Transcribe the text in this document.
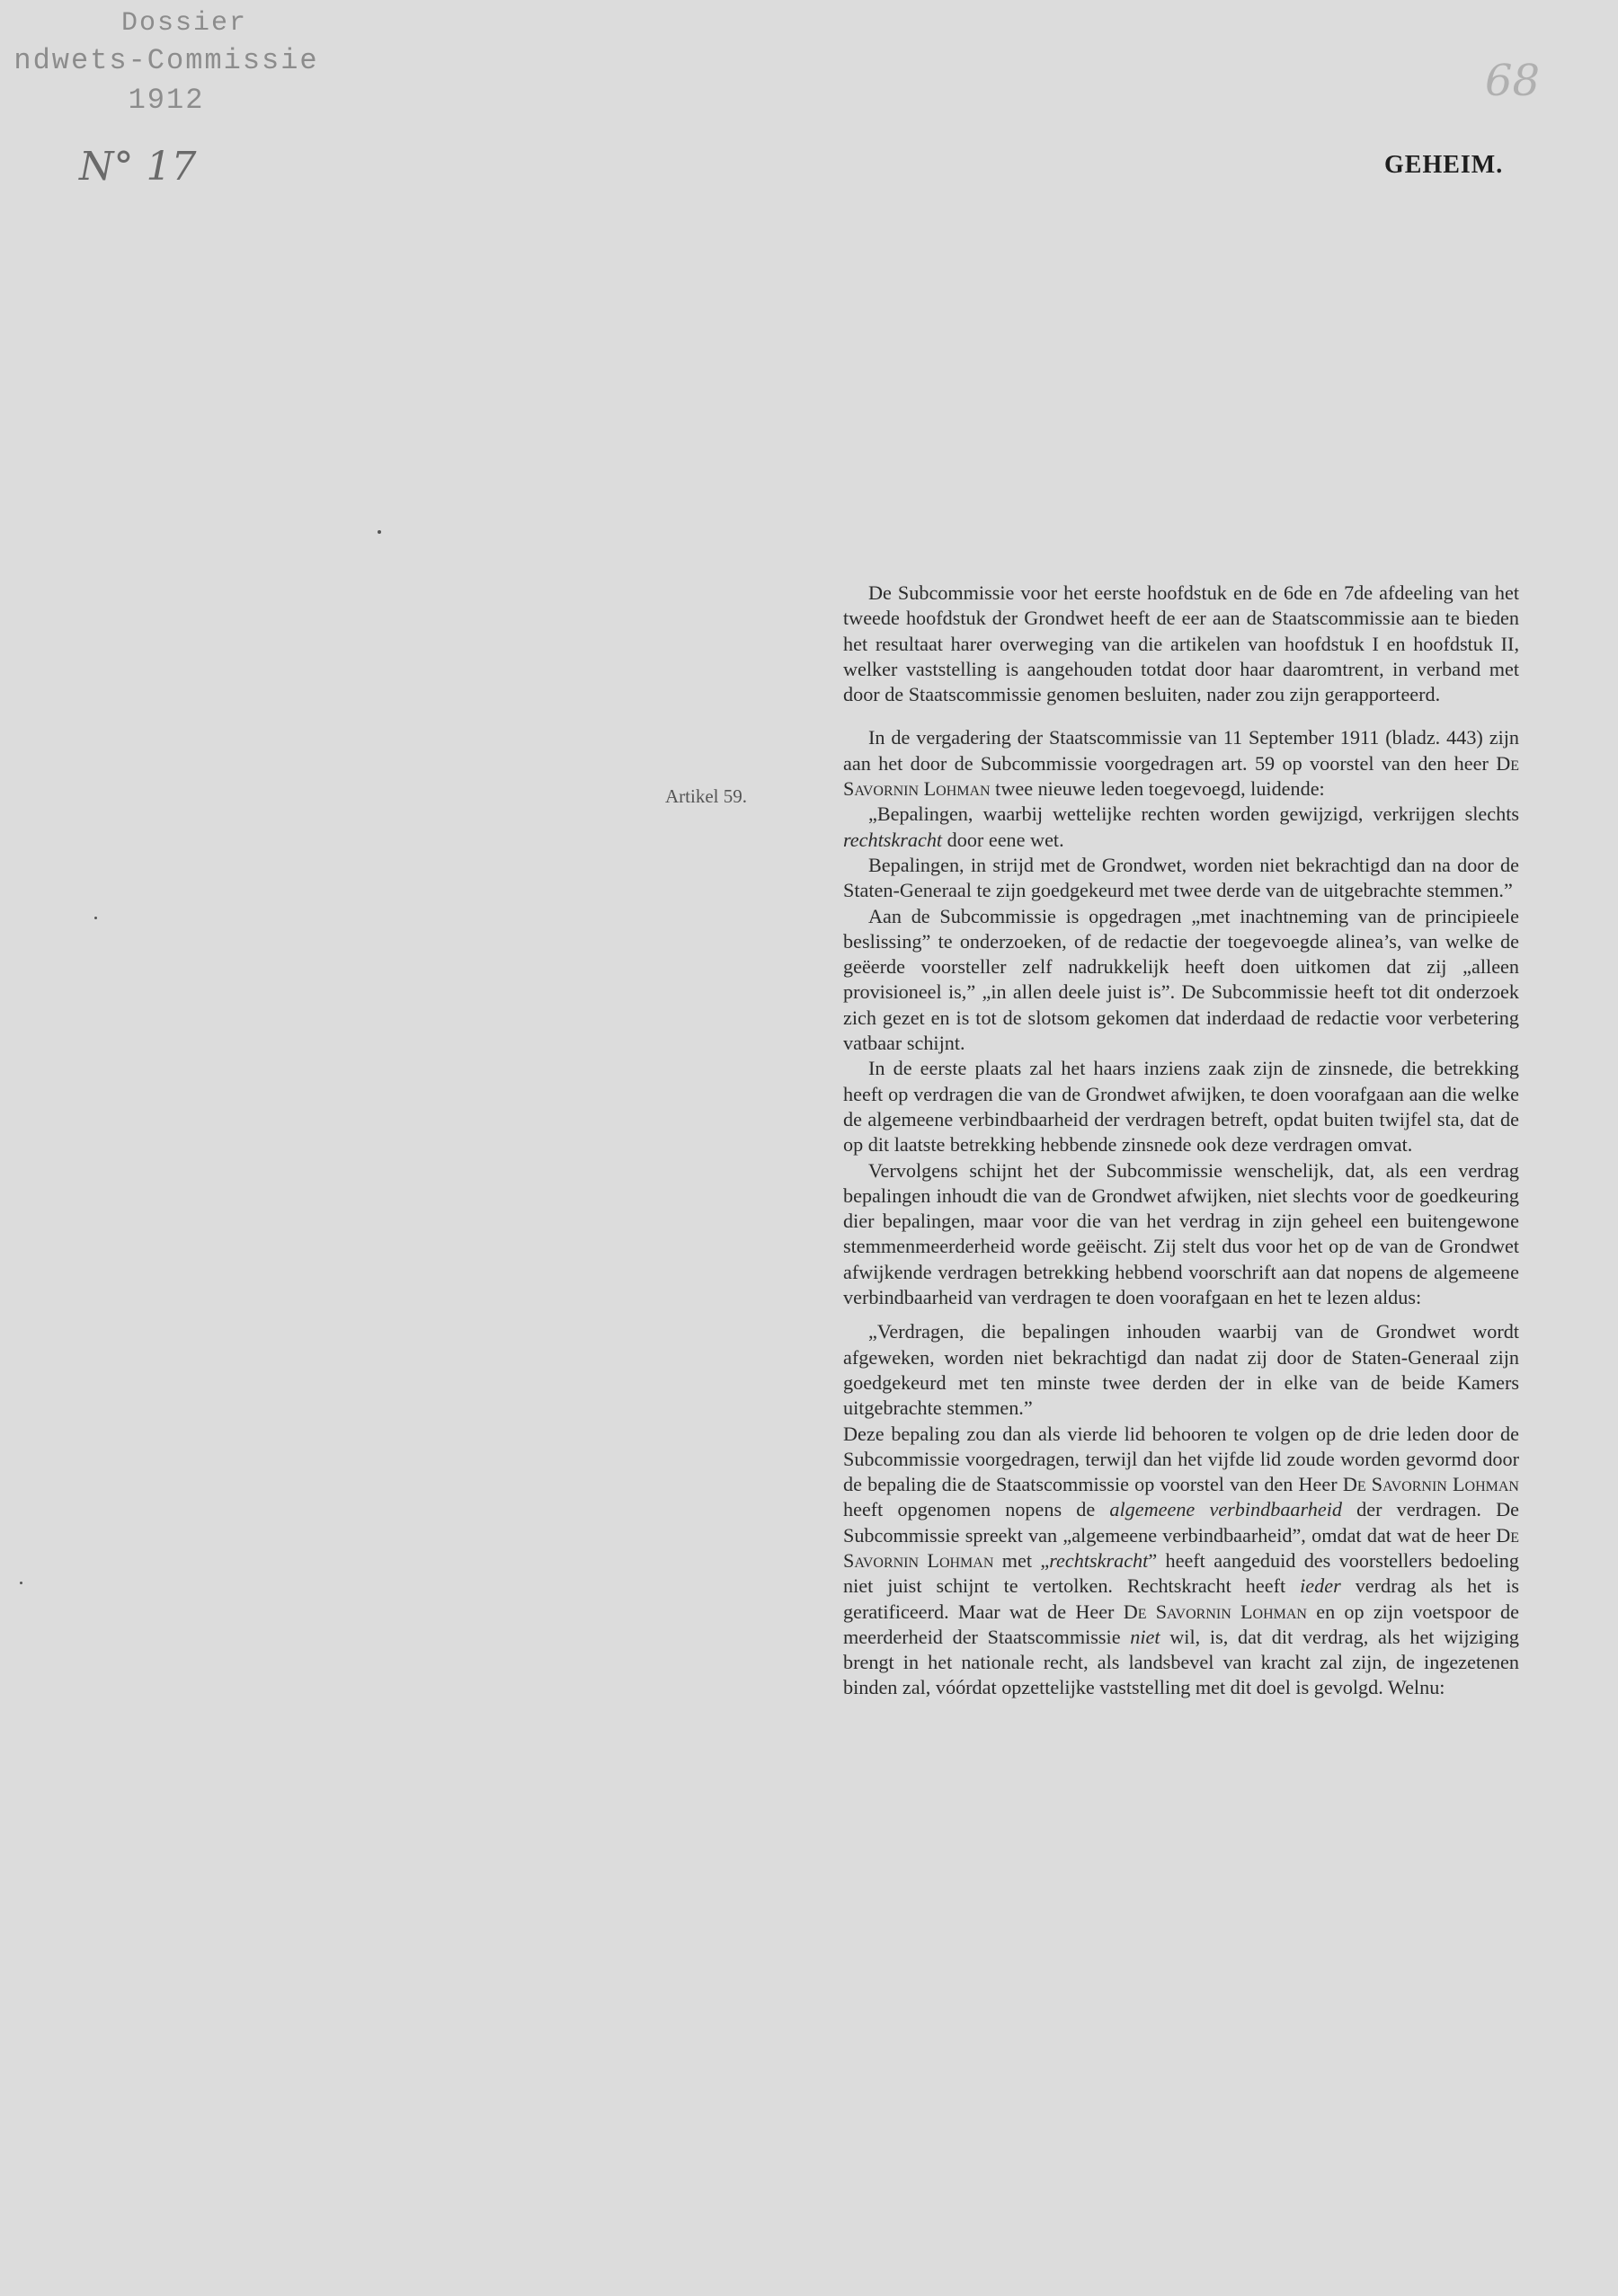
Dossier
ndwets-Commissie
1912
N° 17
68
GEHEIM.
Artikel 59.

De Subcommissie voor het eerste hoofdstuk en de 6de en 7de afdeeling van het tweede hoofdstuk der Grondwet heeft de eer aan de Staatscommissie aan te bieden het resultaat harer overweging van die artikelen van hoofdstuk I en hoofdstuk II, welker vaststelling is aangehouden totdat door haar daaromtrent, in verband met door de Staatscommissie genomen besluiten, nader zou zijn gerapporteerd.

In de vergadering der Staatscommissie van 11 September 1911 (bladz. 443) zijn aan het door de Subcommissie voorgedragen art. 59 op voorstel van den heer De Savornin Lohman twee nieuwe leden toegevoegd, luidende:

„Bepalingen, waarbij wettelijke rechten worden gewijzigd, verkrijgen slechts rechtskracht door eene wet.

Bepalingen, in strijd met de Grondwet, worden niet bekrachtigd dan na door de Staten-Generaal te zijn goedgekeurd met twee derde van de uitgebrachte stemmen.”

Aan de Subcommissie is opgedragen „met inachtneming van de principieele beslissing” te onderzoeken, of de redactie der toegevoegde alinea’s, van welke de geëerde voorsteller zelf nadrukkelijk heeft doen uitkomen dat zij „alleen provisioneel is,” „in allen deele juist is”. De Subcommissie heeft tot dit onderzoek zich gezet en is tot de slotsom gekomen dat inderdaad de redactie voor verbetering vatbaar schijnt.

In de eerste plaats zal het haars inziens zaak zijn de zinsnede, die betrekking heeft op verdragen die van de Grondwet afwijken, te doen voorafgaan aan die welke de algemeene verbindbaarheid der verdragen betreft, opdat buiten twijfel sta, dat de op dit laatste betrekking hebbende zinsnede ook deze verdragen omvat.

Vervolgens schijnt het der Subcommissie wenschelijk, dat, als een verdrag bepalingen inhoudt die van de Grondwet afwijken, niet slechts voor de goedkeuring dier bepalingen, maar voor die van het verdrag in zijn geheel een buitengewone stemmenmeerderheid worde geëischt. Zij stelt dus voor het op de van de Grondwet afwijkende verdragen betrekking hebbend voorschrift aan dat nopens de algemeene verbindbaarheid van verdragen te doen voorafgaan en het te lezen aldus:

„Verdragen, die bepalingen inhouden waarbij van de Grondwet wordt afgeweken, worden niet bekrachtigd dan nadat zij door de Staten-Generaal zijn goedgekeurd met ten minste twee derden der in elke van de beide Kamers uitgebrachte stemmen.”

Deze bepaling zou dan als vierde lid behooren te volgen op de drie leden door de Subcommissie voorgedragen, terwijl dan het vijfde lid zoude worden gevormd door de bepaling die de Staatscommissie op voorstel van den Heer De Savornin Lohman heeft opgenomen nopens de algemeene verbindbaarheid der verdragen. De Subcommissie spreekt van „algemeene verbindbaarheid”, omdat dat wat de heer De Savornin Lohman met „rechtskracht” heeft aangeduid des voorstellers bedoeling niet juist schijnt te vertolken. Rechtskracht heeft ieder verdrag als het is geratificeerd. Maar wat de Heer De Savornin Lohman en op zijn voetspoor de meerderheid der Staatscommissie niet wil, is, dat dit verdrag, als het wijziging brengt in het nationale recht, als landsbevel van kracht zal zijn, de ingezetenen binden zal, vóórdat opzettelijke vaststelling met dit doel is gevolgd. Welnu:
